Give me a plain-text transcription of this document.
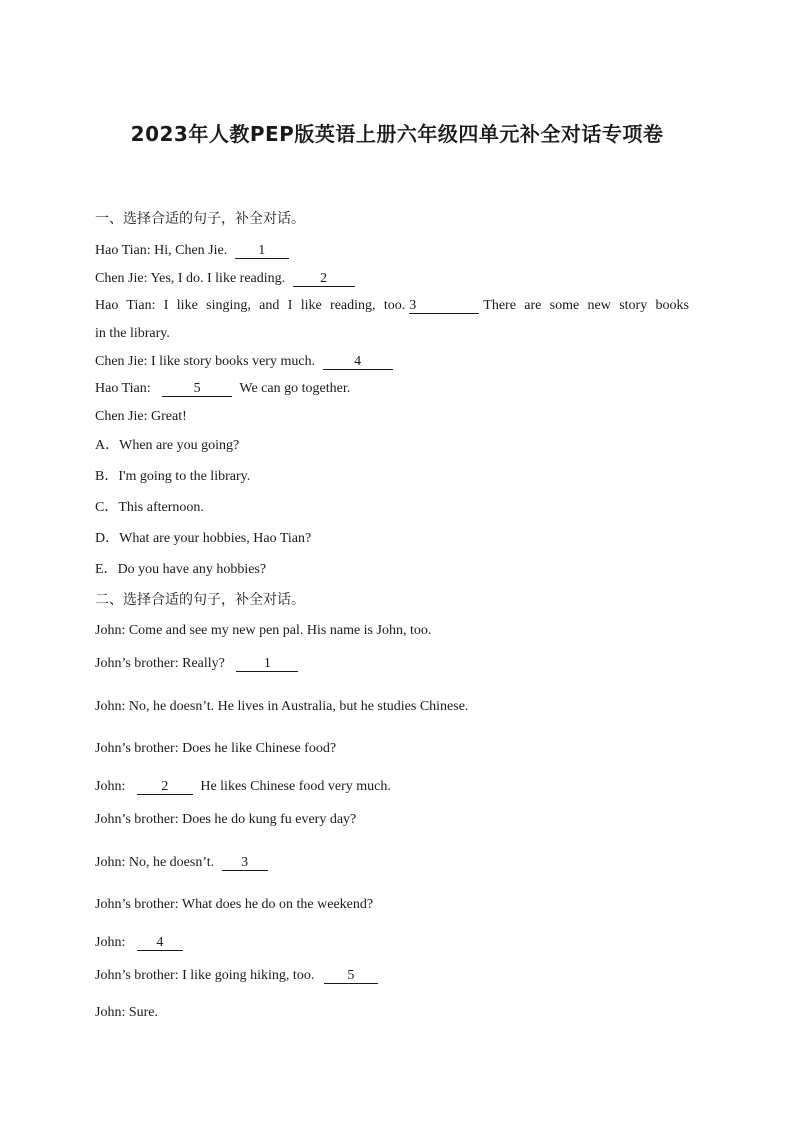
2023年人教PEP版英语上册六年级四单元补全对话专项卷
一、选择合适的句子，补全对话。
Hao Tian: Hi, Chen Jie. 1
Chen Jie: Yes, I do. I like reading.	2
Hao Tian: I like singing, and I like reading, too. 3	There are some new story books
in the library.
Chen Jie: I like story books very much.	4
Hao Tian:	5	We can go together.
Chen Jie: Great!
A．When are you going?
B．I'm going to the library.
C．This afternoon.
D．What are your hobbies, Hao Tian?
E．Do you have any hobbies?
二、选择合适的句子，补全对话。
John: Come and see my new pen pal. His name is John, too.
John’s brother: Really?	1
John: No, he doesn’t. He lives in Australia, but he studies Chinese.
John’s brother: Does he like Chinese food?
John:	2 He likes Chinese food very much.
John’s brother: Does he do kung fu every day?
John: No, he doesn’t. 3
John’s brother: What does he do on the weekend?
John: 4
John’s brother: I like going hiking, too. 5
John: Sure.
